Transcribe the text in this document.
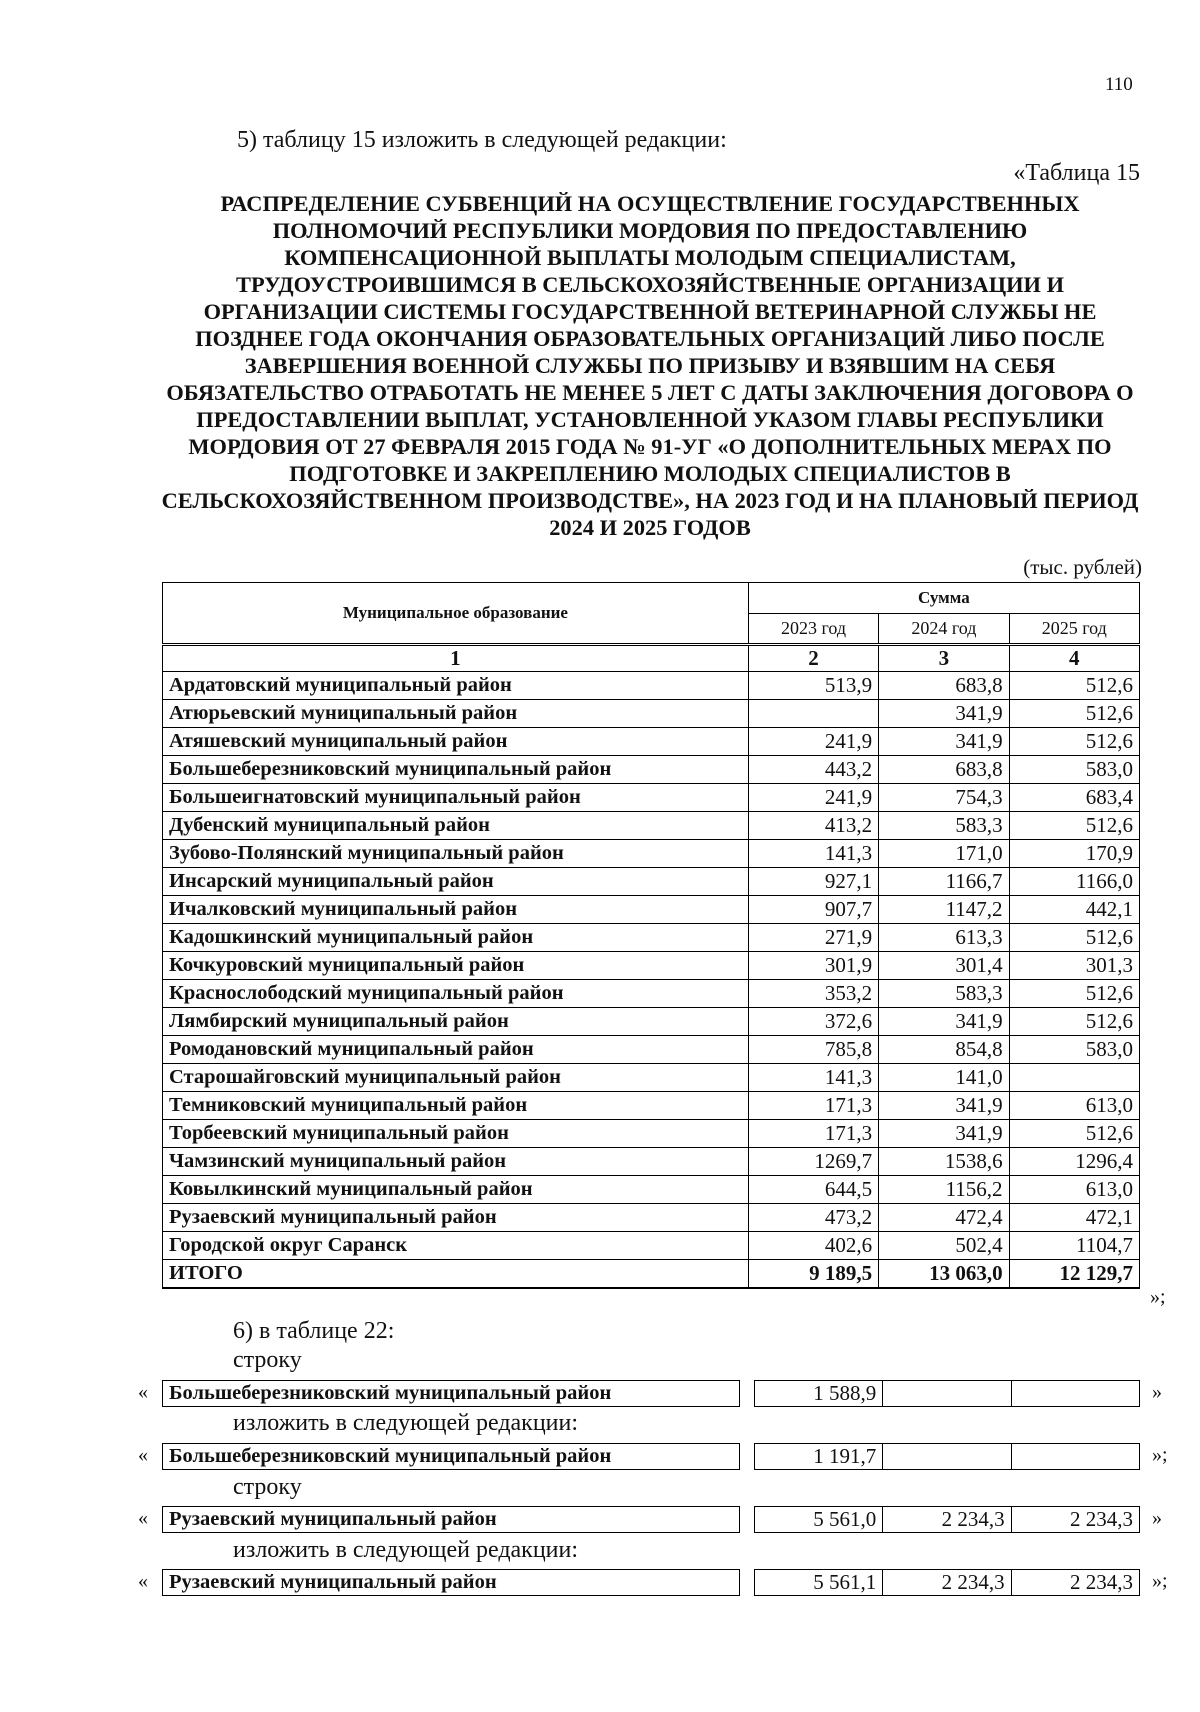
110
5) таблицу 15 изложить в следующей редакции:
«Таблица 15
РАСПРЕДЕЛЕНИЕ СУБВЕНЦИЙ НА ОСУЩЕСТВЛЕНИЕ ГОСУДАРСТВЕННЫХ ПОЛНОМОЧИЙ РЕСПУБЛИКИ МОРДОВИЯ ПО ПРЕДОСТАВЛЕНИЮ КОМПЕНСАЦИОННОЙ ВЫПЛАТЫ МОЛОДЫМ СПЕЦИАЛИСТАМ, ТРУДОУСТРОИВШИМСЯ В СЕЛЬСКОХОЗЯЙСТВЕННЫЕ ОРГАНИЗАЦИИ И ОРГАНИЗАЦИИ СИСТЕМЫ ГОСУДАРСТВЕННОЙ ВЕТЕРИНАРНОЙ СЛУЖБЫ НЕ ПОЗДНЕЕ ГОДА ОКОНЧАНИЯ ОБРАЗОВАТЕЛЬНЫХ ОРГАНИЗАЦИЙ ЛИБО ПОСЛЕ ЗАВЕРШЕНИЯ ВОЕННОЙ СЛУЖБЫ ПО ПРИЗЫВУ И ВЗЯВШИМ НА СЕБЯ ОБЯЗАТЕЛЬСТВО ОТРАБОТАТЬ НЕ МЕНЕЕ 5 ЛЕТ С ДАТЫ ЗАКЛЮЧЕНИЯ ДОГОВОРА О ПРЕДОСТАВЛЕНИИ ВЫПЛАТ, УСТАНОВЛЕННОЙ УКАЗОМ ГЛАВЫ РЕСПУБЛИКИ МОРДОВИЯ ОТ 27 ФЕВРАЛЯ 2015 ГОДА № 91-УГ «О ДОПОЛНИТЕЛЬНЫХ МЕРАХ ПО ПОДГОТОВКЕ И ЗАКРЕПЛЕНИЮ МОЛОДЫХ СПЕЦИАЛИСТОВ В СЕЛЬСКОХОЗЯЙСТВЕННОМ ПРОИЗВОДСТВЕ», НА 2023 ГОД И НА ПЛАНОВЫЙ ПЕРИОД 2024 И 2025 ГОДОВ
(тыс. рублей)
Муниципальное образование	Сумма		
	2023 год	2024 год	2025 год
1	2	3	4
Ардатовский муниципальный район	513,9	683,8	512,6
Атюрьевский муниципальный район		341,9	512,6
Атяшевский муниципальный район	241,9	341,9	512,6
Большеберезниковский муниципальный район	443,2	683,8	583,0
Большеигнатовский муниципальный район	241,9	754,3	683,4
Дубенский муниципальный район	413,2	583,3	512,6
Зубово-Полянский муниципальный район	141,3	171,0	170,9
Инсарский муниципальный район	927,1	1166,7	1166,0
Ичалковский муниципальный район	907,7	1147,2	442,1
Кадошкинский муниципальный район	271,9	613,3	512,6
Кочкуровский муниципальный район	301,9	301,4	301,3
Краснослободский муниципальный район	353,2	583,3	512,6
Лямбирский муниципальный район	372,6	341,9	512,6
Ромодановский муниципальный район	785,8	854,8	583,0
Старошайговский муниципальный район	141,3	141,0	
Темниковский муниципальный район	171,3	341,9	613,0
Торбеевский муниципальный район	171,3	341,9	512,6
Чамзинский муниципальный район	1269,7	1538,6	1296,4
Ковылкинский муниципальный район	644,5	1156,2	613,0
Рузаевский муниципальный район	473,2	472,4	472,1
Городской округ Саранск	402,6	502,4	1104,7
ИТОГО	9 189,5	13 063,0	12 129,7
»;
6) в таблице 22:
строку
изложить в следующей редакции:
строку
изложить в следующей редакции:
Большеберезниковский муниципальный район		1 588,9		
«	»
Большеберезниковский муниципальный район		1 191,7		
«	»;
Рузаевский муниципальный район		5 561,0	2 234,3	2 234,3
«	»
Рузаевский муниципальный район		5 561,1	2 234,3	2 234,3
«	»;
